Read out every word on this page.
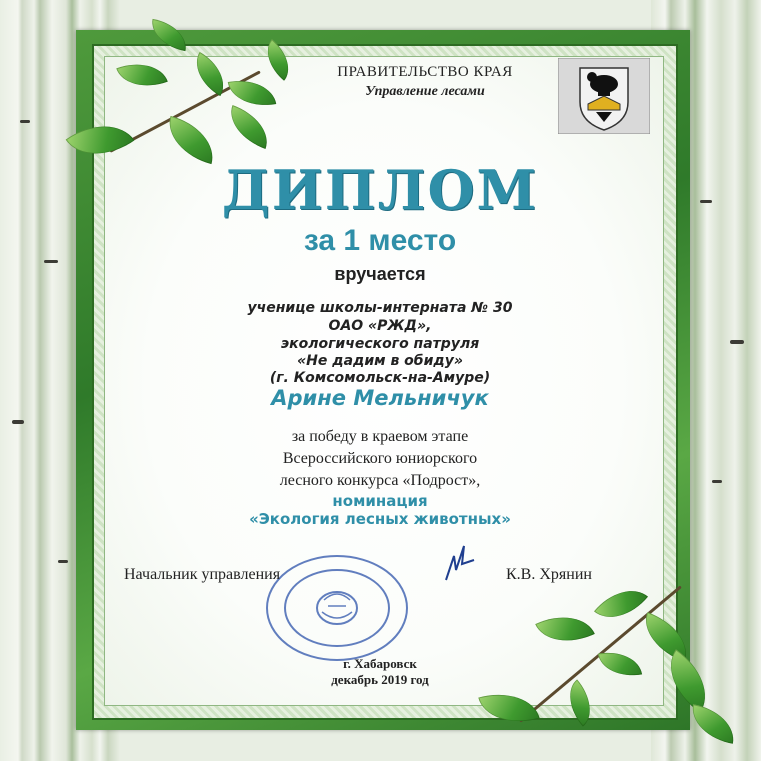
ПРАВИТЕЛЬСТВО КРАЯ
Управление лесами
ДИПЛОМ
за 1 место
вручается
ученице школы-интерната № 30
ОАО «РЖД»,
экологического патруля
«Не дадим в обиду»
(г. Комсомольск-на-Амуре)
Арине Мельничук
за победу в краевом этапе
Всероссийского юниорского
лесного конкурса «Подрост»,
номинация
«Экология лесных животных»
Начальник управления	К.В. Хрянин
г. Хабаровск
декабрь 2019 год
